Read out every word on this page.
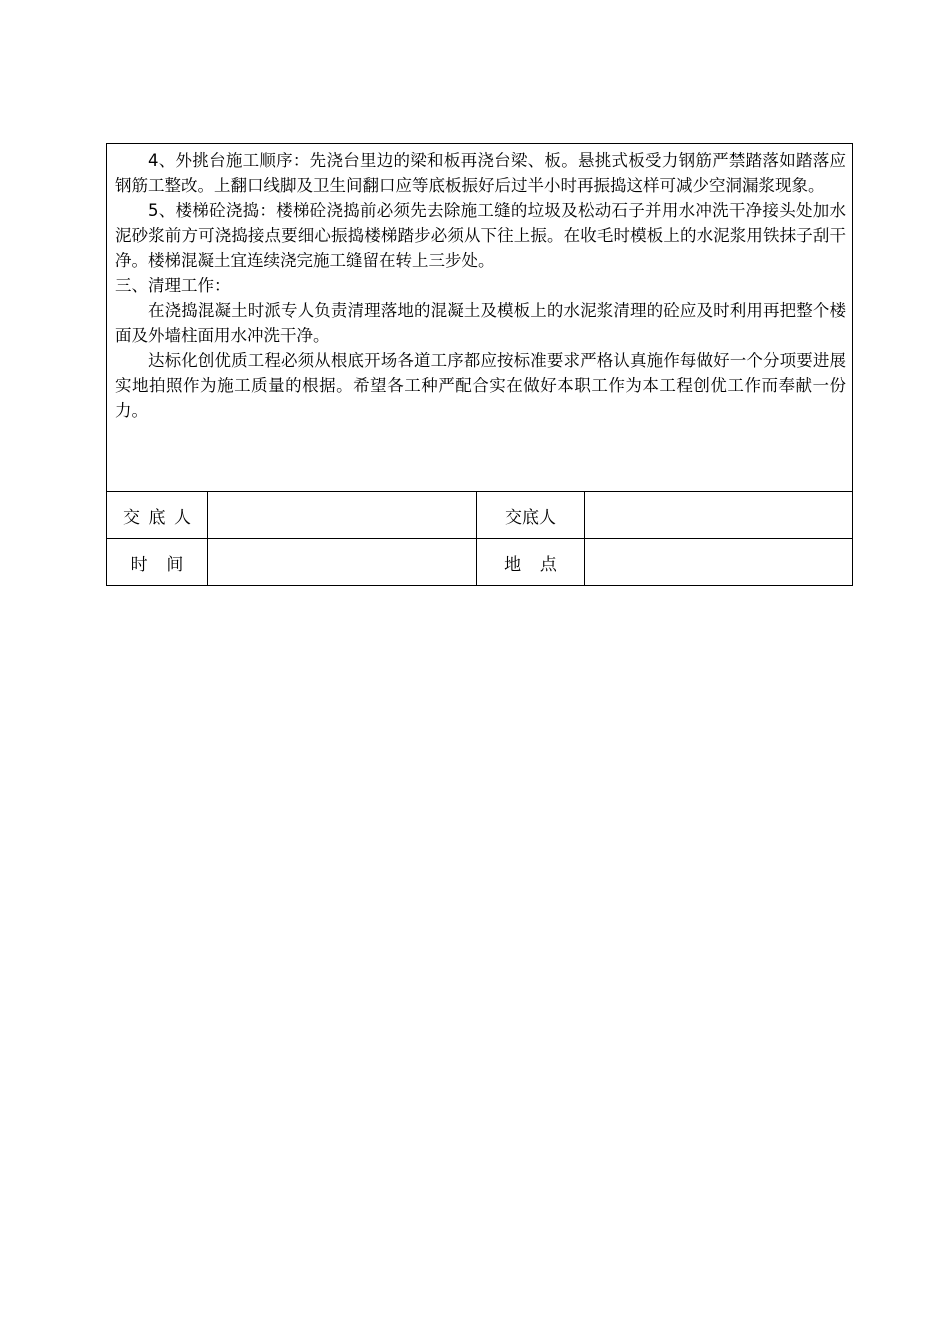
4、外挑台施工顺序：先浇台里边的梁和板再浇台梁、板。悬挑式板受力钢筋严禁踏落如踏落应钢筋工整改。上翻口线脚及卫生间翻口应等底板振好后过半小时再振捣这样可减少空洞漏浆现象。

5、楼梯砼浇捣：楼梯砼浇捣前必须先去除施工缝的垃圾及松动石子并用水冲洗干净接头处加水泥砂浆前方可浇捣接点要细心振捣楼梯踏步必须从下往上振。在收毛时模板上的水泥浆用铁抹子刮干净。楼梯混凝土宜连续浇完施工缝留在转上三步处。

三、清理工作：

在浇捣混凝土时派专人负责清理落地的混凝土及模板上的水泥浆清理的砼应及时利用再把整个楼面及外墙柱面用水冲洗干净。

达标化创优质工程必须从根底开场各道工序都应按标准要求严格认真施作每做好一个分项要进展实地拍照作为施工质量的根据。希望各工种严配合实在做好本职工作为本工程创优工作而奉献一份力。			

交底人		交底人	
时间		地点	
